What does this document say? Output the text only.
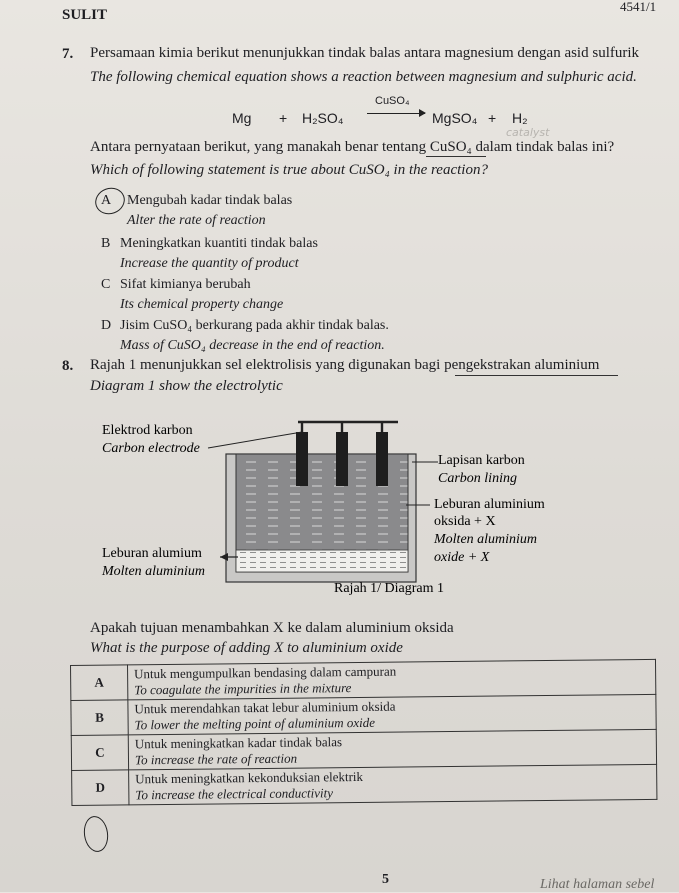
SULIT
4541/1
7. Persamaan kimia berikut menunjukkan tindak balas antara magnesium dengan asid sulfurik
The following chemical equation shows a reaction between magnesium and sulphuric acid.
Mg + H₂SO₄
CuSO₄
MgSO₄ + H₂
catalyst
Antara pernyataan berikut, yang manakah benar tentang CuSO₄ dalam tindak balas ini?
Which of following statement is true about CuSO₄ in the reaction?
A Mengubah kadar tindak balas
Alter the rate of reaction
B Meningkatkan kuantiti tindak balas
Increase the quantity of product
C Sifat kimianya berubah
Its chemical property change
D Jisim CuSO₄ berkurang pada akhir tindak balas.
Mass of CuSO₄ decrease in the end of reaction.
8. Rajah 1 menunjukkan sel elektrolisis yang digunakan bagi pengekstrakan aluminium
Diagram 1 show the electrolytic
Elektrod karbon
Carbon electrode
Lapisan karbon
Carbon lining
Leburan aluminium
oksida + X
Molten aluminium
oxide + X
Leburan alumium
Molten aluminium
Rajah 1/ Diagram 1
Apakah tujuan menambahkan X ke dalam aluminium oksida
What is the purpose of adding X to aluminium oxide
A	Untuk mengumpulkan bendasing dalam campuran
To coagulate the impurities in the mixture

B	Untuk merendahkan takat lebur aluminium oksida
To lower the melting point of aluminium oxide

C	Untuk meningkatkan kadar tindak balas
To increase the rate of reaction

D	Untuk meningkatkan kekonduksian elektrik
To increase the electrical conductivity
5	Lihat halaman sebel
